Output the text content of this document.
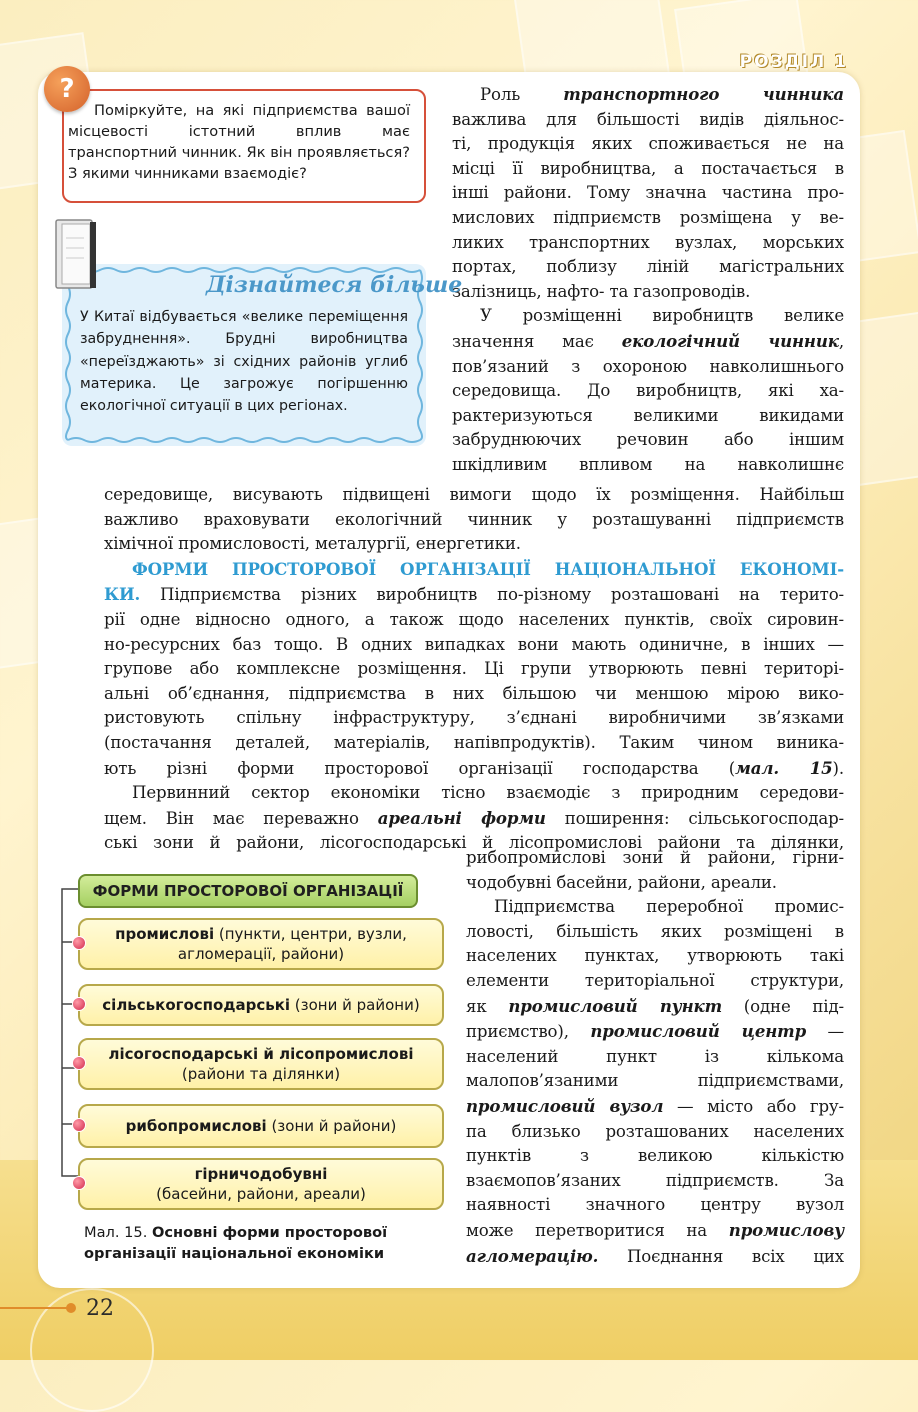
РОЗДІЛ 1
?
Поміркуйте, на які підприємства вашої місцевості істотний вплив має транспортний чинник. Як він проявляється? З якими чинниками взаємодіє?
Дізнайтеся більше
У Китаї відбувається «велике переміщення забруднення». Брудні виробництва «переїзджають» зі східних районів углиб материка. Це загрожує погіршенню екологічної ситуації в цих регіонах.
Роль транспортного чинника
важлива для більшості видів діяльнос-
ті, продукція яких споживається не на
місці її виробництва, а постачається в
інші райони. Тому значна частина про-
мислових підприємств розміщена у ве-
ликих транспортних вузлах, морських
портах, поблизу ліній магістральних
залізниць, нафто- та газопроводів.
У розміщенні виробництв велике
значення має екологічний чинник,
пов’язаний з охороною навколишнього
середовища. До виробництв, які ха-
рактеризуються великими викидами
забруднюючих речовин або іншим
шкідливим впливом на навколишнє
середовище, висувають підвищені вимоги щодо їх розміщення. Найбільш
важливо враховувати екологічний чинник у розташуванні підприємств
хімічної промисловості, металургії, енергетики.
ФОРМИ ПРОСТОРОВОЇ ОРГАНІЗАЦІЇ НАЦІОНАЛЬНОЇ ЕКОНОМІ-
КИ. Підприємства різних виробництв по-різному розташовані на терито-
рії одне відносно одного, а також щодо населених пунктів, своїх сировин-
но-ресурсних баз тощо. В одних випадках вони мають одиничне, в інших —
групове або комплексне розміщення. Ці групи утворюють певні територі-
альні об’єднання, підприємства в них більшою чи меншою мірою вико-
ристовують спільну інфраструктуру, з’єднані виробничими зв’язками
(постачання деталей, матеріалів, напівпродуктів). Таким чином виника-
ють різні форми просторової організації господарства (мал. 15).
Первинний сектор економіки тісно взаємодіє з природним середови-
щем. Він має переважно ареальні форми поширення: сільськогосподар-
ські зони й райони, лісогосподарські й лісопромислові райони та ділянки,
рибопромислові зони й райони, гірни-
чодобувні басейни, райони, ареали.
Підприємства переробної промис-
ловості, більшість яких розміщені в
населених пунктах, утворюють такі
елементи територіальної структури,
як промисловий пункт (одне під-
приємство), промисловий центр —
населений пункт із кількома
малопов’язаними підприємствами,
промисловий вузол — місто або гру-
па близько розташованих населених
пунктів з великою кількістю
взаємопов’язаних підприємств. За
наявності значного центру вузол
може перетворитися на промислову
агломерацію. Поєднання всіх цих
ФОРМИ ПРОСТОРОВОЇ ОРГАНІЗАЦІЇ
промислові (пункти, центри, вузли,
агломерації, райони)
сільськогосподарські (зони й райони)
лісогосподарські й лісопромислові
(райони та ділянки)
рибопромислові (зони й райони)
гірничодобувні
(басейни, райони, ареали)
Мал. 15. Основні форми просторової організації національної економіки
22
